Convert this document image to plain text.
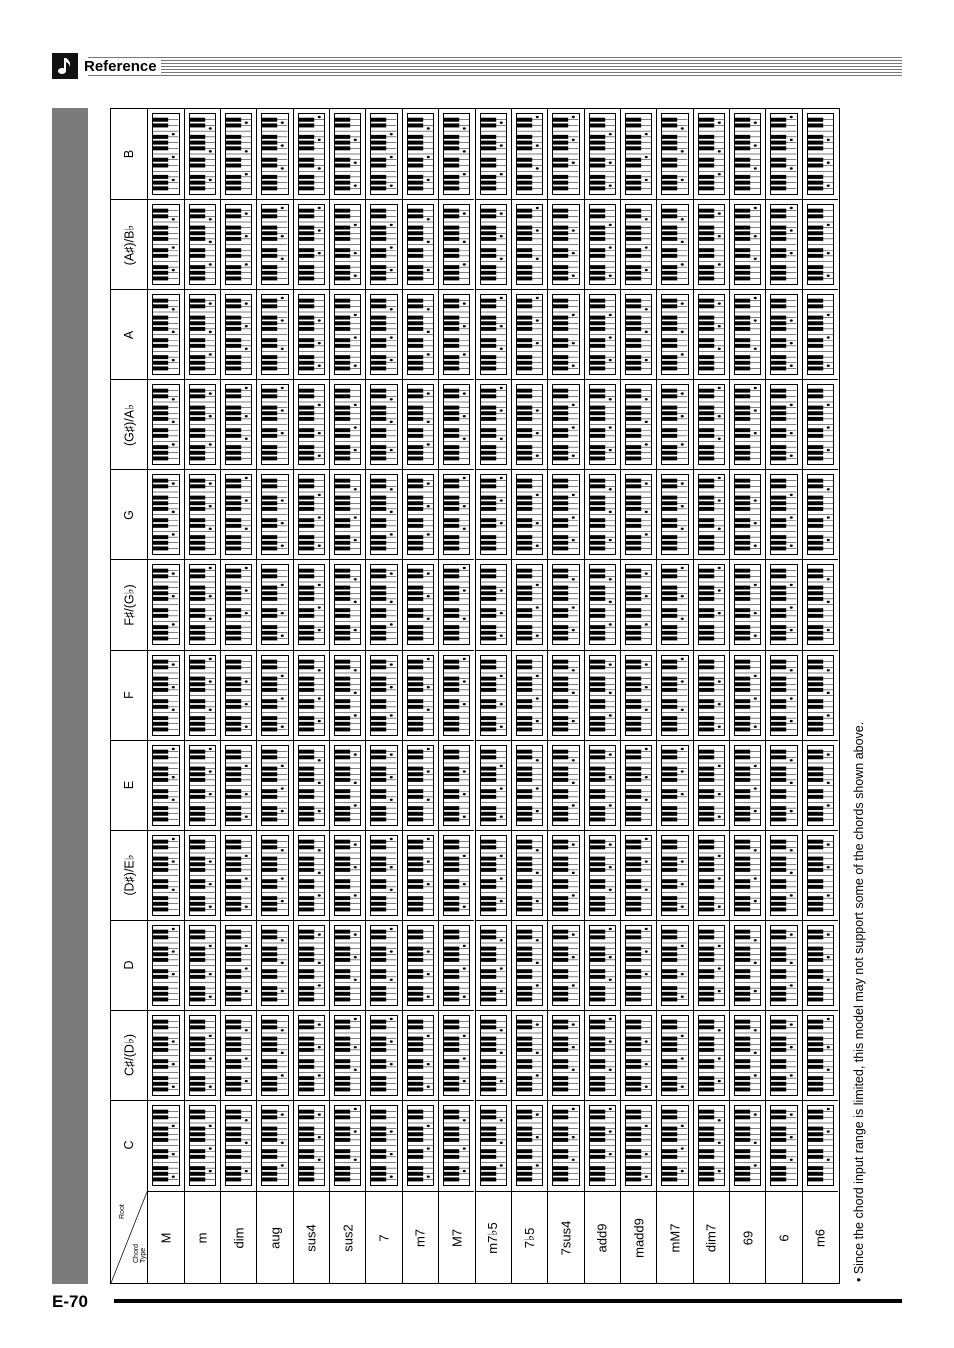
Reference
Chord Example List	Root
Chord Type
C
C♯/(D♭)
D
(D♯)/E♭
E
F
F♯/(G♭)
G
(G♯)/A♭
A
(A♯)/B♭
B
M m dim aug sus4 sus2 7 m7 M7 m7♭5 7♭5 7sus4 add9 madd9 mM7 dim7 69 6 m6 • Since the chord input range is limited, this model may not support some of the chords shown above.
E-70
